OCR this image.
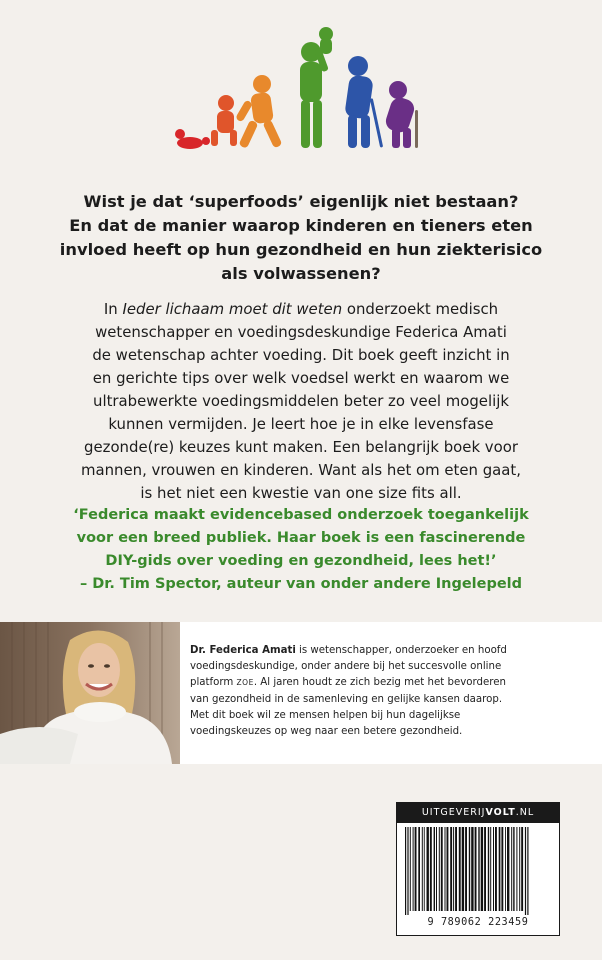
Wist je dat ‘superfoods’ eigenlijk niet bestaan?
En dat de manier waarop kinderen en tieners eten
invloed heeft op hun gezondheid en hun ziekterisico
als volwassenen?
In Ieder lichaam moet dit weten onderzoekt medisch
wetenschapper en voedingsdeskundige Federica Amati
de wetenschap achter voeding. Dit boek geeft inzicht in
en gerichte tips over welk voedsel werkt en waarom we
ultrabewerkte voedingsmiddelen beter zo veel mogelijk
kunnen vermijden. Je leert hoe je in elke levensfase
gezonde(re) keuzes kunt maken. Een belangrijk boek voor
mannen, vrouwen en kinderen. Want als het om eten gaat,
is het niet een kwestie van one size fits all.
‘Federica maakt evidencebased onderzoek toegankelijk
voor een breed publiek. Haar boek is een fascinerende
DIY-gids over voeding en gezondheid, lees het!’
– Dr. Tim Spector, auteur van onder andere Ingelepeld
Dr. Federica Amati is wetenschapper, onderzoeker en hoofd
voedingsdeskundige, onder andere bij het succesvolle online
platform ZOE. Al jaren houdt ze zich bezig met het bevorderen
van gezondheid in de samenleving en gelijke kansen daarop.
Met dit boek wil ze mensen helpen bij hun dagelijkse
voedingskeuzes op weg naar een betere gezondheid.
UITGEVERIJVOLT.NL
9 789062 223459
